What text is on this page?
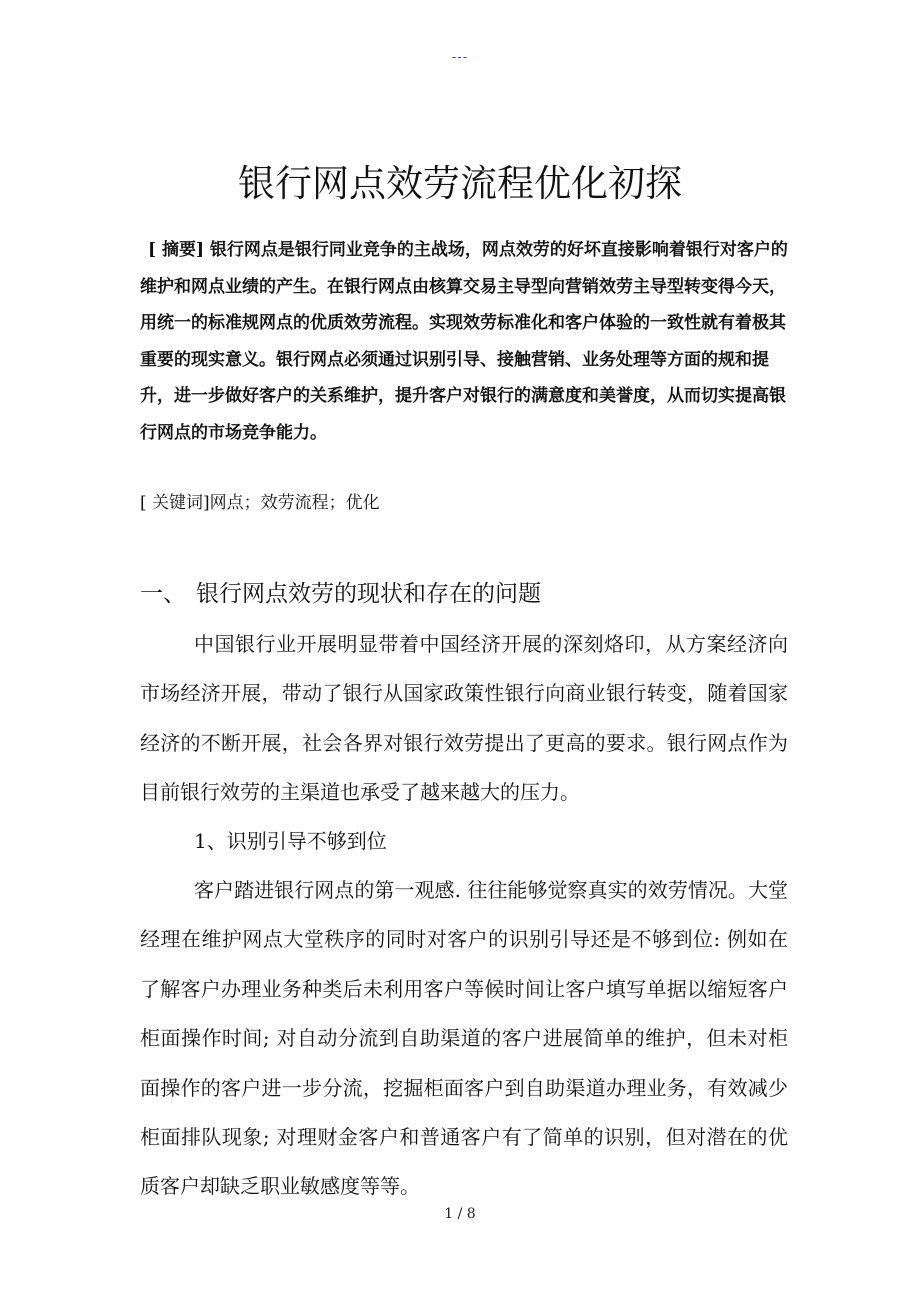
---
银行网点效劳流程优化初探

[ 摘要] 银行网点是银行同业竞争的主战场，网点效劳的好坏直接影响着银行对客户的维护和网点业绩的产生。在银行网点由核算交易主导型向营销效劳主导型转变得今天，用统一的标准规网点的优质效劳流程。实现效劳标准化和客户体验的一致性就有着极其重要的现实意义。银行网点必须通过识别引导、接触营销、业务处理等方面的规和提升，进一步做好客户的关系维护，提升客户对银行的满意度和美誉度，从而切实提高银行网点的市场竞争能力。

[ 关键词]网点；效劳流程；优化

一、 银行网点效劳的现状和存在的问题

中国银行业开展明显带着中国经济开展的深刻烙印，从方案经济向市场经济开展，带动了银行从国家政策性银行向商业银行转变，随着国家经济的不断开展，社会各界对银行效劳提出了更高的要求。银行网点作为目前银行效劳的主渠道也承受了越来越大的压力。

1、识别引导不够到位

客户踏进银行网点的第一观感. 往往能够觉察真实的效劳情况。大堂经理在维护网点大堂秩序的同时对客户的识别引导还是不够到位: 例如在了解客户办理业务种类后未利用客户等候时间让客户填写单据以缩短客户柜面操作时间; 对自动分流到自助渠道的客户进展简单的维护，但未对柜面操作的客户进一步分流，挖掘柜面客户到自助渠道办理业务，有效减少柜面排队现象; 对理财金客户和普通客户有了简单的识别，但对潜在的优质客户却缺乏职业敏感度等等。

1 / 8
